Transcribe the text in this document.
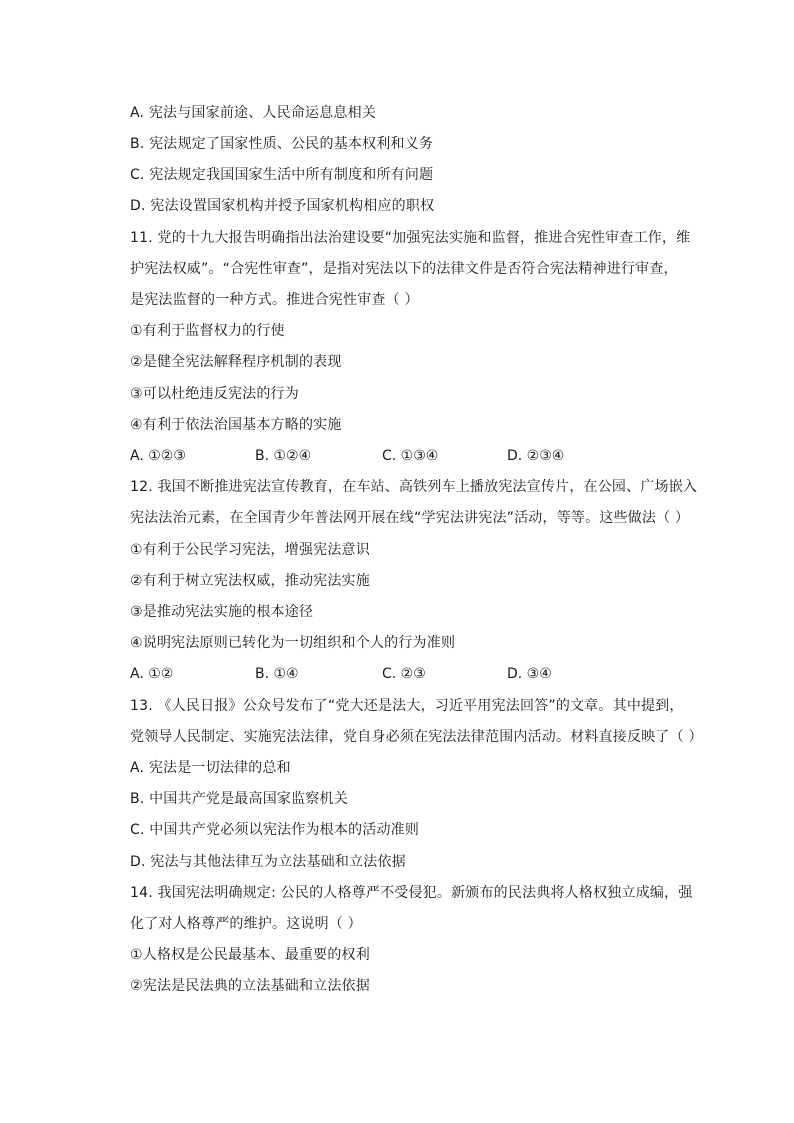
A. 宪法与国家前途、人民命运息息相关
B. 宪法规定了国家性质、公民的基本权利和义务
C. 宪法规定我国国家生活中所有制度和所有问题
D. 宪法设置国家机构并授予国家机构相应的职权
11. 党的十九大报告明确指出法治建设要“加强宪法实施和监督，推进合宪性审查工作，维
护宪法权威”。“合宪性审查”，是指对宪法以下的法律文件是否符合宪法精神进行审查，
是宪法监督的一种方式。推进合宪性审查（ ）
①有利于监督权力的行使
②是健全宪法解释程序机制的表现
③可以杜绝违反宪法的行为
④有利于依法治国基本方略的实施
A. ①②③	B. ①②④	C. ①③④	D. ②③④
12. 我国不断推进宪法宣传教育，在车站、高铁列车上播放宪法宣传片，在公园、广场嵌入
宪法法治元素，在全国青少年普法网开展在线“学宪法讲宪法”活动，等等。这些做法（ ）
①有利于公民学习宪法，增强宪法意识
②有利于树立宪法权威，推动宪法实施
③是推动宪法实施的根本途径
④说明宪法原则已转化为一切组织和个人的行为准则
A. ①②	B. ①④	C. ②③	D. ③④
13. 《人民日报》公众号发布了“党大还是法大，习近平用宪法回答”的文章。其中提到，
党领导人民制定、实施宪法法律，党自身必须在宪法法律范围内活动。材料直接反映了（ ）
A. 宪法是一切法律的总和
B. 中国共产党是最高国家监察机关
C. 中国共产党必须以宪法作为根本的活动准则
D. 宪法与其他法律互为立法基础和立法依据
14. 我国宪法明确规定: 公民的人格尊严不受侵犯。新颁布的民法典将人格权独立成编，强
化了对人格尊严的维护。这说明（ ）
①人格权是公民最基本、最重要的权利
②宪法是民法典的立法基础和立法依据
